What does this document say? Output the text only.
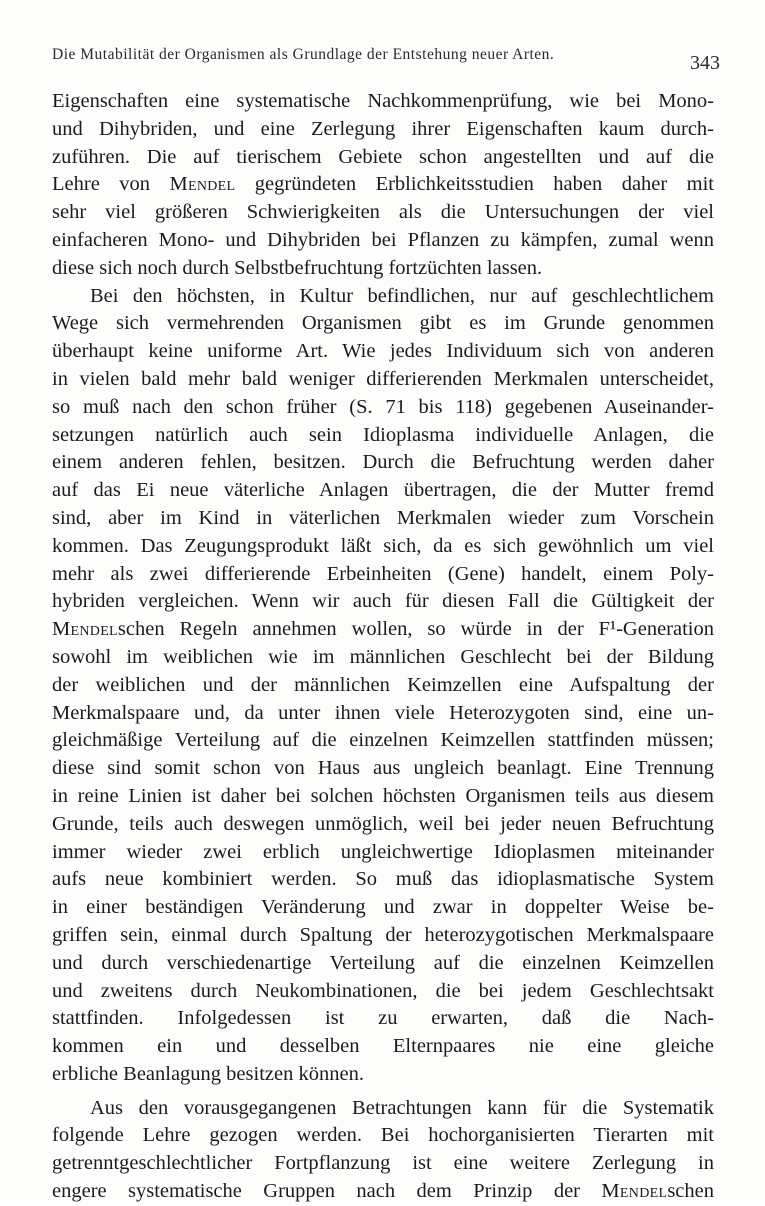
Die Mutabilität der Organismen als Grundlage der Entstehung neuer Arten.	343
Eigenschaften eine systematische Nachkommenprüfung, wie bei Mono-
und Dihybriden, und eine Zerlegung ihrer Eigenschaften kaum durch-
zuführen. Die auf tierischem Gebiete schon angestellten und auf die
Lehre von Mendel gegründeten Erblichkeitsstudien haben daher mit
sehr viel größeren Schwierigkeiten als die Untersuchungen der viel
einfacheren Mono- und Dihybriden bei Pflanzen zu kämpfen, zumal wenn
diese sich noch durch Selbstbefruchtung fortzüchten lassen.
Bei den höchsten, in Kultur befindlichen, nur auf geschlechtlichem
Wege sich vermehrenden Organismen gibt es im Grunde genommen
überhaupt keine uniforme Art. Wie jedes Individuum sich von anderen
in vielen bald mehr bald weniger differierenden Merkmalen unterscheidet,
so muß nach den schon früher (S. 71 bis 118) gegebenen Auseinander-
setzungen natürlich auch sein Idioplasma individuelle Anlagen, die
einem anderen fehlen, besitzen. Durch die Befruchtung werden daher
auf das Ei neue väterliche Anlagen übertragen, die der Mutter fremd
sind, aber im Kind in väterlichen Merkmalen wieder zum Vorschein
kommen. Das Zeugungsprodukt läßt sich, da es sich gewöhnlich um viel
mehr als zwei differierende Erbeinheiten (Gene) handelt, einem Poly-
hybriden vergleichen. Wenn wir auch für diesen Fall die Gültigkeit der
Mendelschen Regeln annehmen wollen, so würde in der F¹-Generation
sowohl im weiblichen wie im männlichen Geschlecht bei der Bildung
der weiblichen und der männlichen Keimzellen eine Aufspaltung der
Merkmalspaare und, da unter ihnen viele Heterozygoten sind, eine un-
gleichmäßige Verteilung auf die einzelnen Keimzellen stattfinden müssen;
diese sind somit schon von Haus aus ungleich beanlagt. Eine Trennung
in reine Linien ist daher bei solchen höchsten Organismen teils aus diesem
Grunde, teils auch deswegen unmöglich, weil bei jeder neuen Befruchtung
immer wieder zwei erblich ungleichwertige Idioplasmen miteinander
aufs neue kombiniert werden. So muß das idioplasmatische System
in einer beständigen Veränderung und zwar in doppelter Weise be-
griffen sein, einmal durch Spaltung der heterozygotischen Merkmalspaare
und durch verschiedenartige Verteilung auf die einzelnen Keimzellen
und zweitens durch Neukombinationen, die bei jedem Geschlechtsakt
stattfinden. Infolgedessen ist zu erwarten, daß die Nach-
kommen ein und desselben Elternpaares nie eine gleiche
erbliche Beanlagung besitzen können.
Aus den vorausgegangenen Betrachtungen kann für die Systematik
folgende Lehre gezogen werden. Bei hochorganisierten Tierarten mit
getrenntgeschlechtlicher Fortpflanzung ist eine weitere Zerlegung in
engere systematische Gruppen nach dem Prinzip der Mendelschen
